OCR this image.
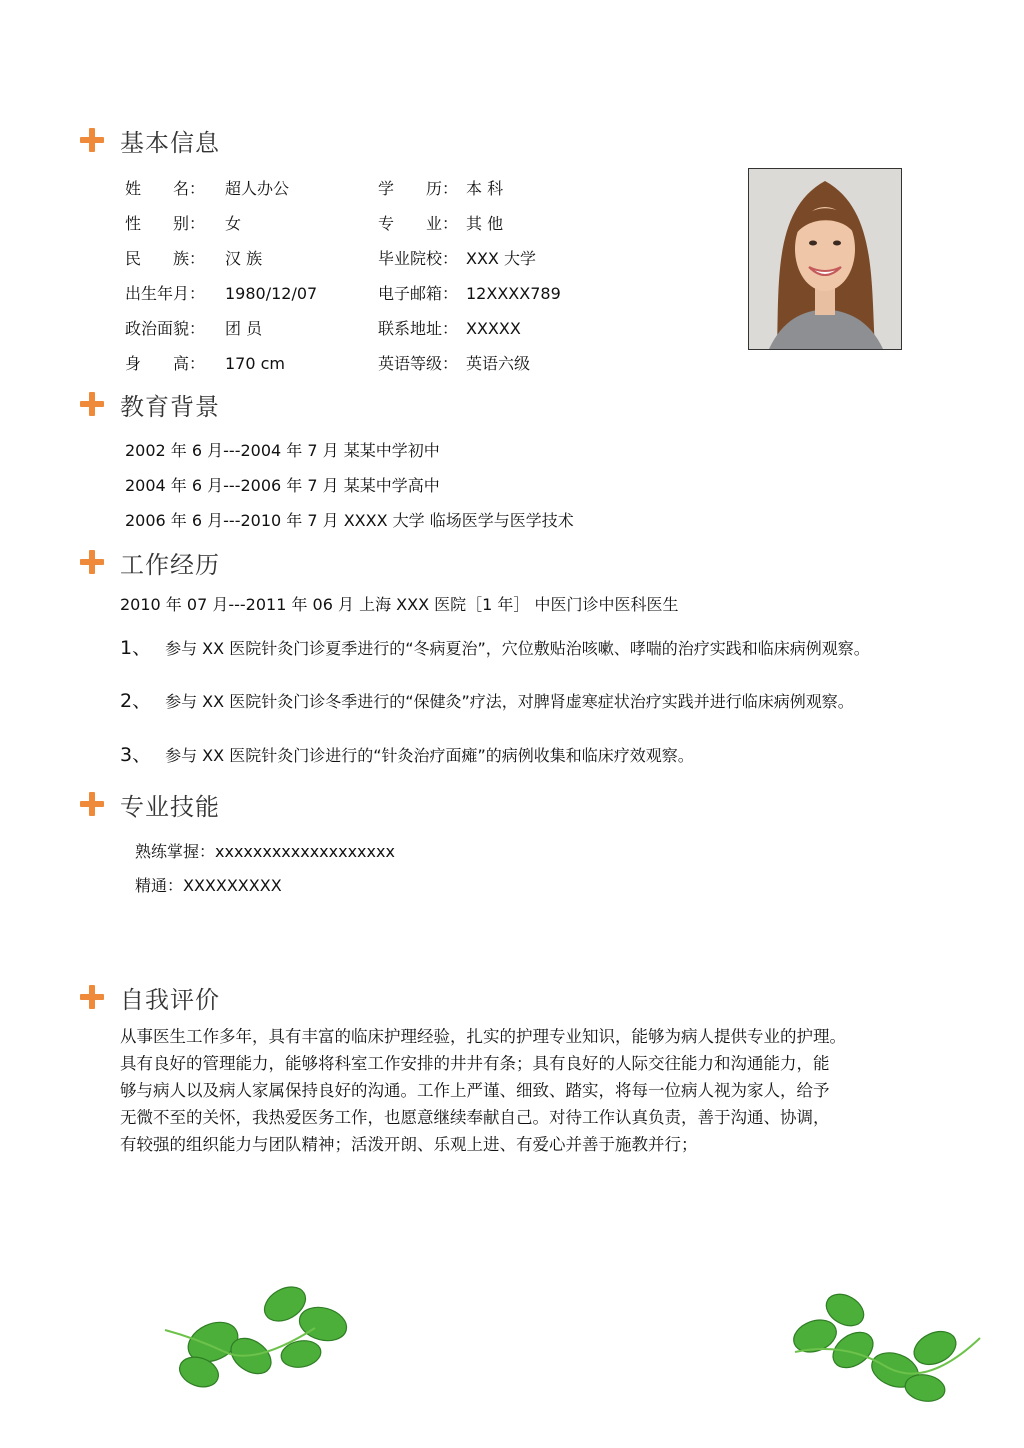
基本信息
姓　　名： 超人办公
性　　别： 女
民　　族： 汉 族
出生年月： 1980/12/07
政治面貌： 团 员
身　　高： 170 cm
学　　历： 本 科
专　　业： 其 他
毕业院校： XXX 大学
电子邮箱： 12XXXX789
联系地址： XXXXX
英语等级： 英语六级
教育背景
2002 年 6 月---2004 年 7 月 某某中学初中
2004 年 6 月---2006 年 7 月 某某中学高中
2006 年 6 月---2010 年 7 月 XXXX 大学 临场医学与医学技术
工作经历
2010 年 07 月---2011 年 06 月 上海 XXX 医院［1 年］ 中医门诊中医科医生
1、 参与 XX 医院针灸门诊夏季进行的“冬病夏治”，穴位敷贴治咳嗽、哮喘的治疗实践和临床病例观察。
2、 参与 XX 医院针灸门诊冬季进行的“保健灸”疗法，对脾肾虚寒症状治疗实践并进行临床病例观察。
3、 参与 XX 医院针灸门诊进行的“针灸治疗面瘫”的病例收集和临床疗效观察。
专业技能
熟练掌握：xxxxxxxxxxxxxxxxxxx
精通：XXXXXXXXX
自我评价
从事医生工作多年，具有丰富的临床护理经验，扎实的护理专业知识，能够为病人提供专业的护理。
具有良好的管理能力，能够将科室工作安排的井井有条；具有良好的人际交往能力和沟通能力，能
够与病人以及病人家属保持良好的沟通。工作上严谨、细致、踏实，将每一位病人视为家人，给予
无微不至的关怀，我热爱医务工作，也愿意继续奉献自己。对待工作认真负责，善于沟通、协调，
有较强的组织能力与团队精神；活泼开朗、乐观上进、有爱心并善于施教并行；
